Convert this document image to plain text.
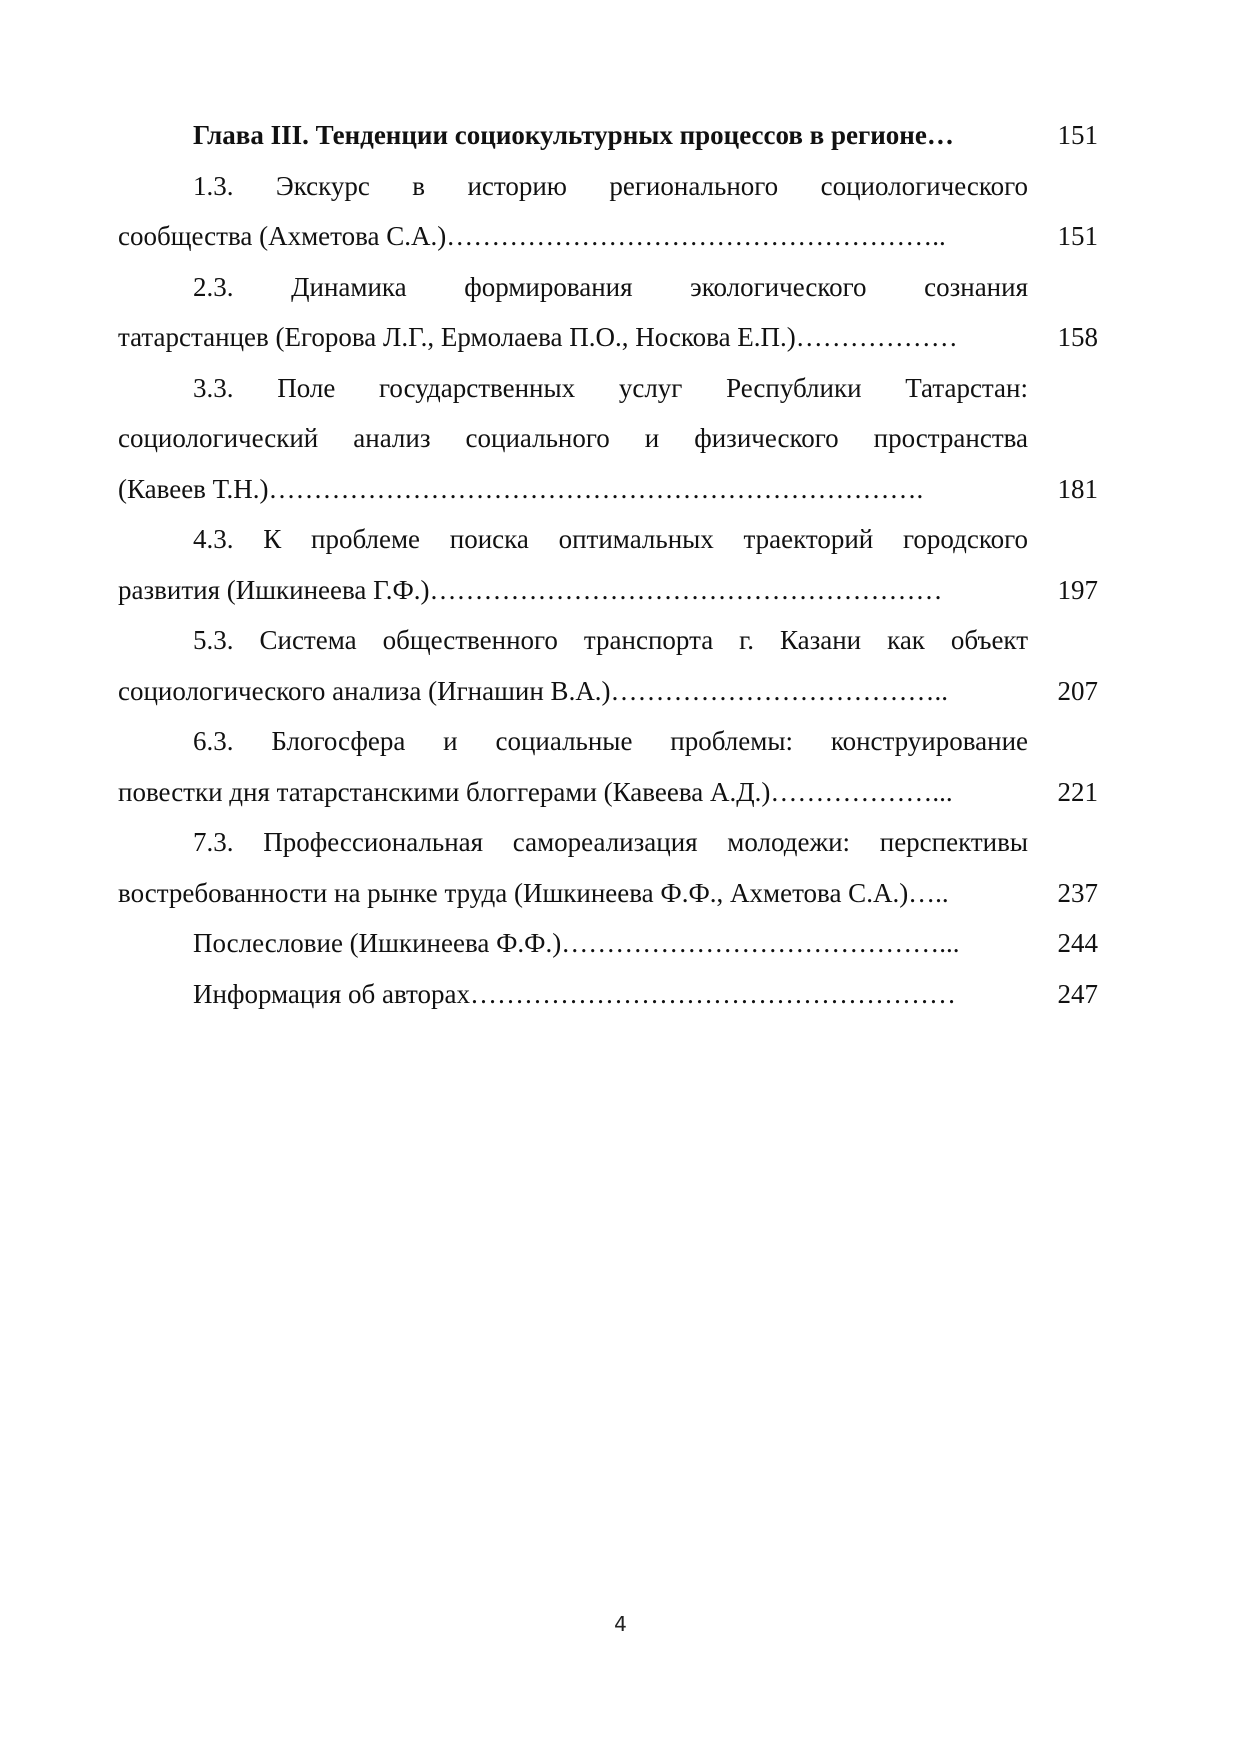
Глава III. Тенденции социокультурных процессов в регионе…	151
1.3. Экскурс в историю регионального социологического
сообщества (Ахметова С.А.)………………………………………………..	151
2.3. Динамика формирования экологического сознания
татарстанцев (Егорова Л.Г., Ермолаева П.О., Носкова Е.П.)………………	158
3.3. Поле государственных услуг Республики Татарстан:
социологический анализ социального и физического пространства
(Кавеев Т.Н.)……………………………………………………………….	181
4.3. К проблеме поиска оптимальных траекторий городского
развития (Ишкинеева Г.Ф.)…………………………………………………	197
5.3. Система общественного транспорта г. Казани как объект
социологического анализа (Игнашин В.А.)………………………………..	207
6.3. Блогосфера и социальные проблемы: конструирование
повестки дня татарстанскими блоггерами (Кавеева А.Д.)………………...	221
7.3. Профессиональная самореализация молодежи: перспективы
востребованности на рынке труда (Ишкинеева Ф.Ф., Ахметова С.А.)…..	237
Послесловие (Ишкинеева Ф.Ф.)……………………………………...	244
Информация об авторах………………………………………………	247
4
